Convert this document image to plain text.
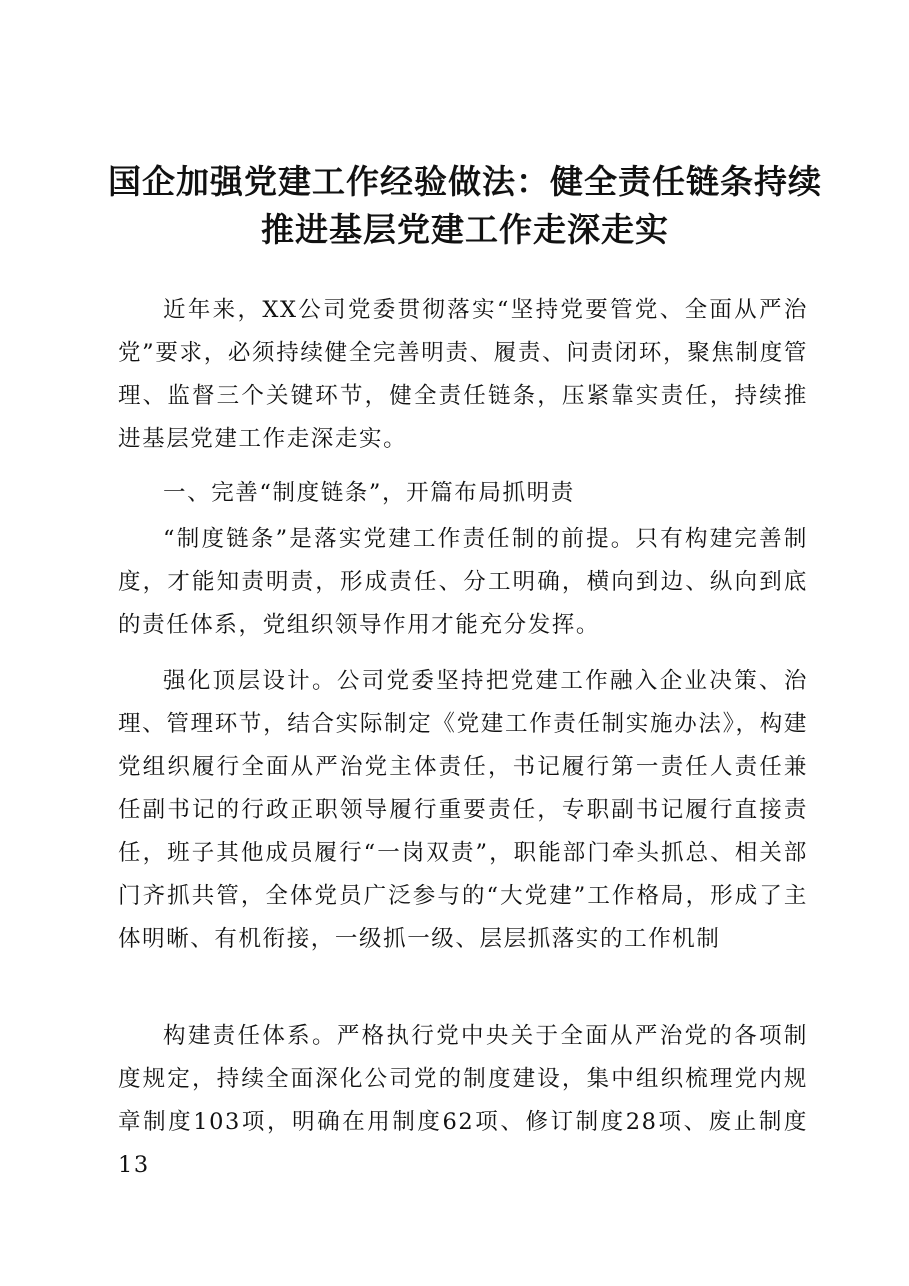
国企加强党建工作经验做法：健全责任链条持续
推进基层党建工作走深走实

近年来，XX公司党委贯彻落实“坚持党要管党、全面从严治党”要求，必须持续健全完善明责、履责、问责闭环，聚焦制度管理、监督三个关键环节，健全责任链条，压紧靠实责任，持续推进基层党建工作走深走实。

一、完善“制度链条”，开篇布局抓明责

“制度链条”是落实党建工作责任制的前提。只有构建完善制度，才能知责明责，形成责任、分工明确，横向到边、纵向到底的责任体系，党组织领导作用才能充分发挥。

强化顶层设计。公司党委坚持把党建工作融入企业决策、治理、管理环节，结合实际制定《党建工作责任制实施办法》，构建党组织履行全面从严治党主体责任，书记履行第一责任人责任兼任副书记的行政正职领导履行重要责任，专职副书记履行直接责任，班子其他成员履行“一岗双责”，职能部门牵头抓总、相关部门齐抓共管，全体党员广泛参与的“大党建”工作格局，形成了主体明晰、有机衔接，一级抓一级、层层抓落实的工作机制

构建责任体系。严格执行党中央关于全面从严治党的各项制度规定，持续全面深化公司党的制度建设，集中组织梳理党内规章制度103项，明确在用制度62项、修订制度28项、废止制度13
